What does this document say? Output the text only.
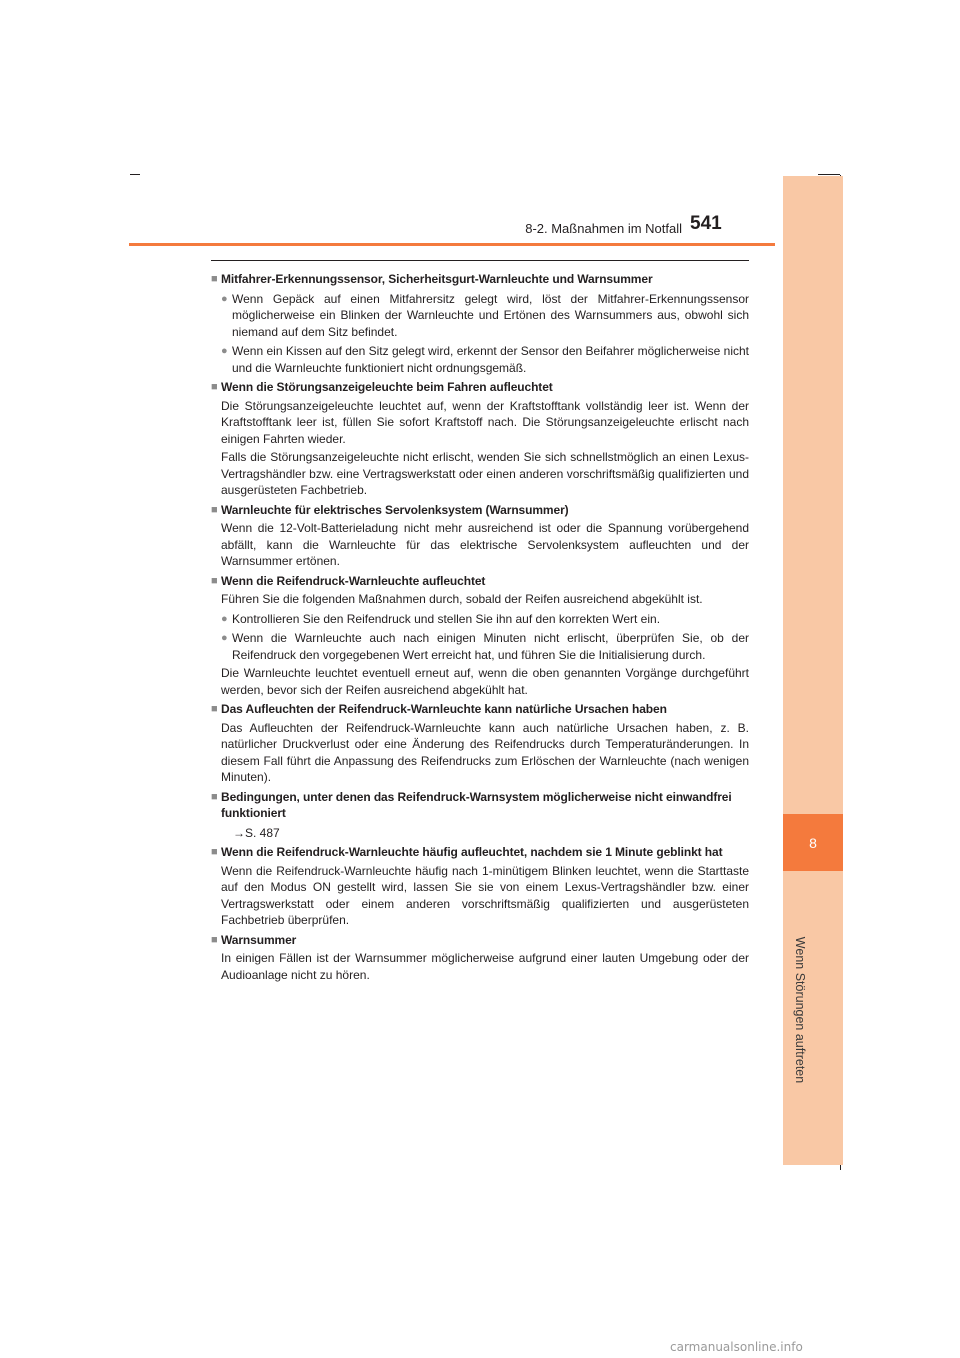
8
Wenn Störungen auftreten
8-2. Maßnahmen im Notfall 541
■ Mitfahrer-Erkennungssensor, Sicherheitsgurt-Warnleuchte und Warnsummer
● Wenn Gepäck auf einen Mitfahrersitz gelegt wird, löst der Mitfahrer-Erkennungssensor möglicherweise ein Blinken der Warnleuchte und Ertönen des Warnsummers aus, obwohl sich niemand auf dem Sitz befindet.
● Wenn ein Kissen auf den Sitz gelegt wird, erkennt der Sensor den Beifahrer möglicherweise nicht und die Warnleuchte funktioniert nicht ordnungsgemäß.
■ Wenn die Störungsanzeigeleuchte beim Fahren aufleuchtet
Die Störungsanzeigeleuchte leuchtet auf, wenn der Kraftstofftank vollständig leer ist. Wenn der Kraftstofftank leer ist, füllen Sie sofort Kraftstoff nach. Die Störungsanzeigeleuchte erlischt nach einigen Fahrten wieder.
Falls die Störungsanzeigeleuchte nicht erlischt, wenden Sie sich schnellstmöglich an einen Lexus-Vertragshändler bzw. eine Vertragswerkstatt oder einen anderen vorschriftsmäßig qualifizierten und ausgerüsteten Fachbetrieb.
■ Warnleuchte für elektrisches Servolenksystem (Warnsummer)
Wenn die 12-Volt-Batterieladung nicht mehr ausreichend ist oder die Spannung vorübergehend abfällt, kann die Warnleuchte für das elektrische Servolenksystem aufleuchten und der Warnsummer ertönen.
■ Wenn die Reifendruck-Warnleuchte aufleuchtet
Führen Sie die folgenden Maßnahmen durch, sobald der Reifen ausreichend abgekühlt ist.
● Kontrollieren Sie den Reifendruck und stellen Sie ihn auf den korrekten Wert ein.
● Wenn die Warnleuchte auch nach einigen Minuten nicht erlischt, überprüfen Sie, ob der Reifendruck den vorgegebenen Wert erreicht hat, und führen Sie die Initialisierung durch.
Die Warnleuchte leuchtet eventuell erneut auf, wenn die oben genannten Vorgänge durchgeführt werden, bevor sich der Reifen ausreichend abgekühlt hat.
■ Das Aufleuchten der Reifendruck-Warnleuchte kann natürliche Ursachen haben
Das Aufleuchten der Reifendruck-Warnleuchte kann auch natürliche Ursachen haben, z. B. natürlicher Druckverlust oder eine Änderung des Reifendrucks durch Temperaturänderungen. In diesem Fall führt die Anpassung des Reifendrucks zum Erlöschen der Warnleuchte (nach wenigen Minuten).
■ Bedingungen, unter denen das Reifendruck-Warnsystem möglicherweise nicht einwandfrei funktioniert
→S. 487
■ Wenn die Reifendruck-Warnleuchte häufig aufleuchtet, nachdem sie 1 Minute geblinkt hat
Wenn die Reifendruck-Warnleuchte häufig nach 1-minütigem Blinken leuchtet, wenn die Starttaste auf den Modus ON gestellt wird, lassen Sie sie von einem Lexus-Vertragshändler bzw. einer Vertragswerkstatt oder einem anderen vorschriftsmäßig qualifizierten und ausgerüsteten Fachbetrieb überprüfen.
■ Warnsummer
In einigen Fällen ist der Warnsummer möglicherweise aufgrund einer lauten Umgebung oder der Audioanlage nicht zu hören.
carmanualsonline.info
